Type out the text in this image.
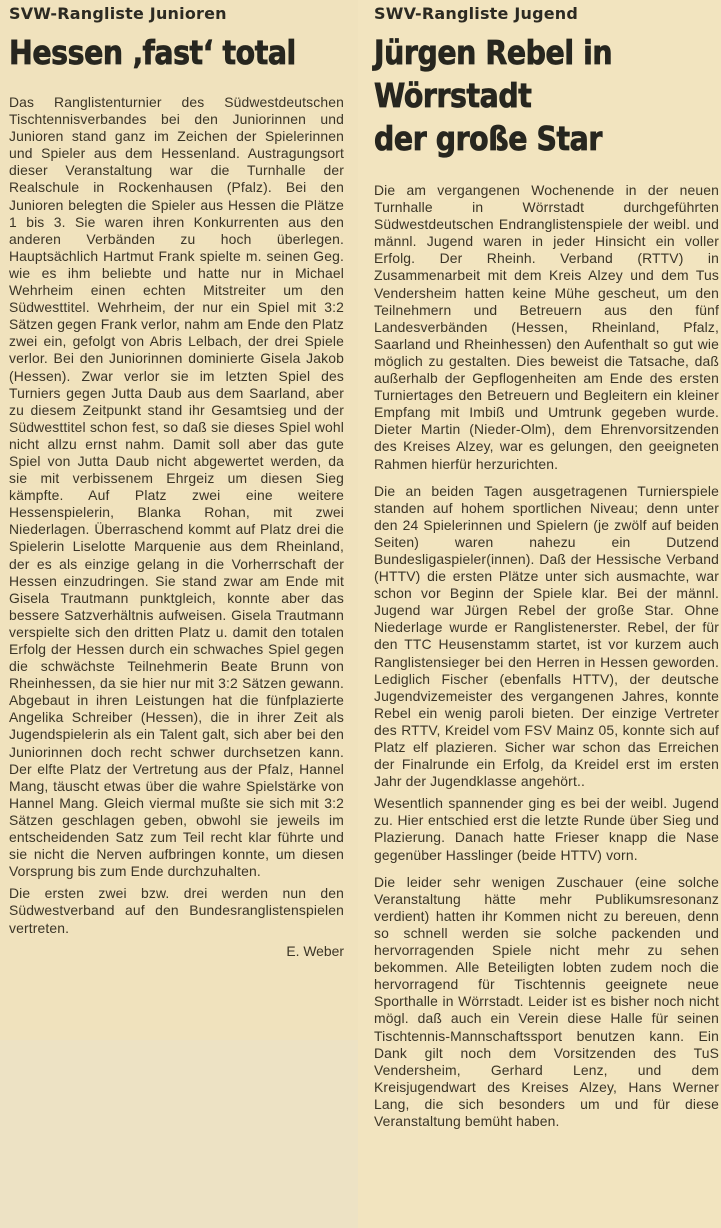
SVW-Rangliste Junioren
Hessen ‚fast‘ total

Das Ranglistenturnier des Südwestdeutschen Tischtennisverbandes bei den Juniorinnen und Junioren stand ganz im Zeichen der Spielerinnen und Spieler aus dem Hessenland. Austragungsort dieser Veranstaltung war die Turnhalle der Realschule in Rockenhausen (Pfalz). Bei den Junioren belegten die Spieler aus Hessen die Plätze 1 bis 3. Sie waren ihren Konkurrenten aus den anderen Verbänden zu hoch überlegen. Hauptsächlich Hartmut Frank spielte m. seinen Geg. wie es ihm beliebte und hatte nur in Michael Wehrheim einen echten Mitstreiter um den Südwesttitel. Wehrheim, der nur ein Spiel mit 3:2 Sätzen gegen Frank verlor, nahm am Ende den Platz zwei ein, gefolgt von Abris Lelbach, der drei Spiele verlor. Bei den Juniorinnen dominierte Gisela Jakob (Hessen). Zwar verlor sie im letzten Spiel des Turniers gegen Jutta Daub aus dem Saarland, aber zu diesem Zeitpunkt stand ihr Gesamtsieg und der Südwesttitel schon fest, so daß sie dieses Spiel wohl nicht allzu ernst nahm. Damit soll aber das gute Spiel von Jutta Daub nicht abgewertet werden, da sie mit verbissenem Ehrgeiz um diesen Sieg kämpfte. Auf Platz zwei eine weitere Hessenspielerin, Blanka Rohan, mit zwei Niederlagen. Überraschend kommt auf Platz drei die Spielerin Liselotte Marquenie aus dem Rheinland, der es als einzige gelang in die Vorherrschaft der Hessen einzudringen. Sie stand zwar am Ende mit Gisela Trautmann punktgleich, konnte aber das bessere Satzverhältnis aufweisen. Gisela Trautmann verspielte sich den dritten Platz u. damit den totalen Erfolg der Hessen durch ein schwaches Spiel gegen die schwächste Teilnehmerin Beate Brunn von Rheinhessen, da sie hier nur mit 3:2 Sätzen gewann. Abgebaut in ihren Leistungen hat die fünfplazierte Angelika Schreiber (Hessen), die in ihrer Zeit als Jugendspielerin als ein Talent galt, sich aber bei den Juniorinnen doch recht schwer durchsetzen kann. Der elfte Platz der Vertretung aus der Pfalz, Hannel Mang, täuscht etwas über die wahre Spielstärke von Hannel Mang. Gleich viermal mußte sie sich mit 3:2 Sätzen geschlagen geben, obwohl sie jeweils im entscheidenden Satz zum Teil recht klar führte und sie nicht die Nerven aufbringen konnte, um diesen Vorsprung bis zum Ende durchzuhalten.

Die ersten zwei bzw. drei werden nun den Südwestverband auf den Bundesranglistenspielen vertreten.

E. Weber
SWV-Rangliste Jugend
Jürgen Rebel in
Wörrstadt
der große Star

Die am vergangenen Wochenende in der neuen Turnhalle in Wörrstadt durchgeführten Südwestdeutschen Endranglistenspiele der weibl. und männl. Jugend waren in jeder Hinsicht ein voller Erfolg. Der Rheinh. Verband (RTTV) in Zusammenarbeit mit dem Kreis Alzey und dem Tus Vendersheim hatten keine Mühe gescheut, um den Teilnehmern und Betreuern aus den fünf Landesverbänden (Hessen, Rheinland, Pfalz, Saarland und Rheinhessen) den Aufenthalt so gut wie möglich zu gestalten. Dies beweist die Tatsache, daß außerhalb der Gepflogenheiten am Ende des ersten Turniertages den Betreuern und Begleitern ein kleiner Empfang mit Imbiß und Umtrunk gegeben wurde. Dieter Martin (Nieder-Olm), dem Ehrenvorsitzenden des Kreises Alzey, war es gelungen, den geeigneten Rahmen hierfür herzurichten.

Die an beiden Tagen ausgetragenen Turnierspiele standen auf hohem sportlichen Niveau; denn unter den 24 Spielerinnen und Spielern (je zwölf auf beiden Seiten) waren nahezu ein Dutzend Bundesligaspieler(innen). Daß der Hessische Verband (HTTV) die ersten Plätze unter sich ausmachte, war schon vor Beginn der Spiele klar. Bei der männl. Jugend war Jürgen Rebel der große Star. Ohne Niederlage wurde er Ranglistenerster. Rebel, der für den TTC Heusenstamm startet, ist vor kurzem auch Ranglistensieger bei den Herren in Hessen geworden. Lediglich Fischer (ebenfalls HTTV), der deutsche Jugendvizemeister des vergangenen Jahres, konnte Rebel ein wenig paroli bieten. Der einzige Vertreter des RTTV, Kreidel vom FSV Mainz 05, konnte sich auf Platz elf plazieren. Sicher war schon das Erreichen der Finalrunde ein Erfolg, da Kreidel erst im ersten Jahr der Jugendklasse angehört..

Wesentlich spannender ging es bei der weibl. Jugend zu. Hier entschied erst die letzte Runde über Sieg und Plazierung. Danach hatte Frieser knapp die Nase gegenüber Hasslinger (beide HTTV) vorn.

Die leider sehr wenigen Zuschauer (eine solche Veranstaltung hätte mehr Publikumsresonanz verdient) hatten ihr Kommen nicht zu bereuen, denn so schnell werden sie solche packenden und hervorragenden Spiele nicht mehr zu sehen bekommen. Alle Beteiligten lobten zudem noch die hervorragend für Tischtennis geeignete neue Sporthalle in Wörrstadt. Leider ist es bisher noch nicht mögl. daß auch ein Verein diese Halle für seinen Tischtennis-Mannschaftssport benutzen kann. Ein Dank gilt noch dem Vorsitzenden des TuS Vendersheim, Gerhard Lenz, und dem Kreisjugendwart des Kreises Alzey, Hans Werner Lang, die sich besonders um und für diese Veranstaltung bemüht haben.
